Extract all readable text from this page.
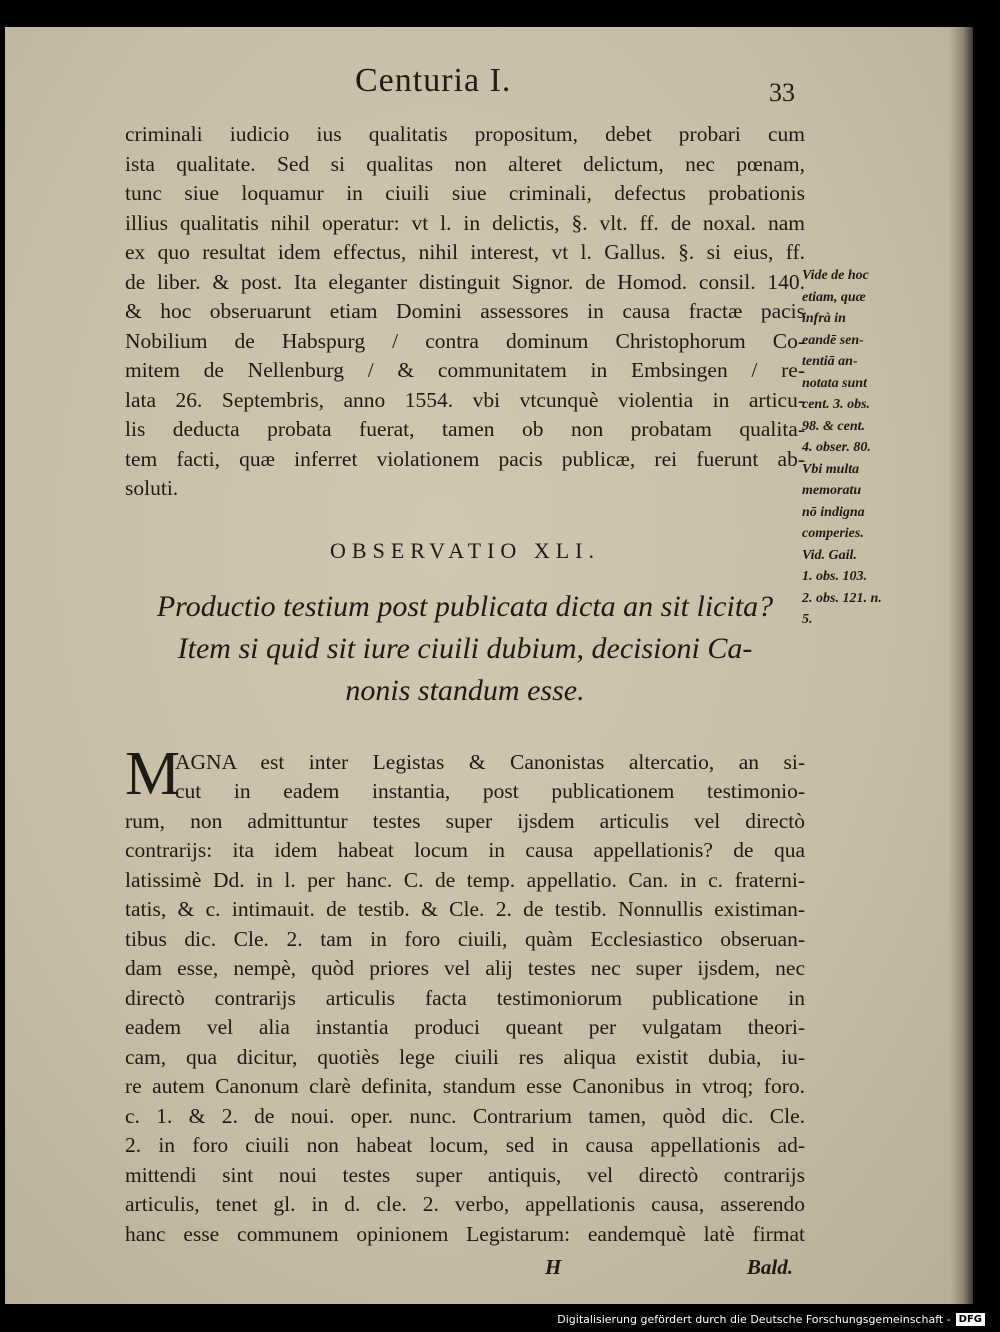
Centuria I.	33
criminali iudicio ius qualitatis propositum, debet probari cum
ista qualitate. Sed si qualitas non alteret delictum, nec pœnam,
tunc siue loquamur in ciuili siue criminali, defectus probationis
illius qualitatis nihil operatur: vt l. in delictis, §. vlt. ff. de noxal. nam
ex quo resultat idem effectus, nihil interest, vt l. Gallus. §. si eius, ff.
de liber. & post. Ita eleganter distinguit Signor. de Homod. consil. 140.
& hoc obseruarunt etiam Domini assessores in causa fractæ pacis
Nobilium de Habspurg / contra dominum Christophorum Co-
mitem de Nellenburg / & communitatem in Embsingen / re-
lata 26. Septembris, anno 1554. vbi vtcunquè violentia in articu-
lis deducta probata fuerat, tamen ob non probatam qualita-
tem facti, quæ inferret violationem pacis publicæ, rei fuerunt ab-
soluti.
OBSERVATIO XLI.
Productio testium post publicata dicta an sit licita?
Item si quid sit iure ciuili dubium, decisioni Ca-
nonis standum esse.
M
AGNA est inter Legistas & Canonistas altercatio, an si-
cut in eadem instantia, post publicationem testimonio-
rum, non admittuntur testes super ijsdem articulis vel directò
contrarijs: ita idem habeat locum in causa appellationis? de qua
latissimè Dd. in l. per hanc. C. de temp. appellatio. Can. in c. fraterni-
tatis, & c. intimauit. de testib. & Cle. 2. de testib. Nonnullis existiman-
tibus dic. Cle. 2. tam in foro ciuili, quàm Ecclesiastico obseruan-
dam esse, nempè, quòd priores vel alij testes nec super ijsdem, nec
directò contrarijs articulis facta testimoniorum publicatione in
eadem vel alia instantia produci queant per vulgatam theori-
cam, qua dicitur, quotiès lege ciuili res aliqua existit dubia, iu-
re autem Canonum clarè definita, standum esse Canonibus in vtroq; foro.
c. 1. & 2. de noui. oper. nunc. Contrarium tamen, quòd dic. Cle.
2. in foro ciuili non habeat locum, sed in causa appellationis ad-
mittendi sint noui testes super antiquis, vel directò contrarijs
articulis, tenet gl. in d. cle. 2. verbo, appellationis causa, asserendo
hanc esse communem opinionem Legistarum: eandemquè latè firmat
H	Bald.
Vide de hoc
etiam, quæ
infrà in
eandē sen-
tentiā an-
notata sunt
cent. 3. obs.
98. & cent.
4. obser. 80.
Vbi multa
memoratu
nō indigna
comperies.
Vid. Gail.
1. obs. 103.
2. obs. 121. n.
5.
Digitalisierung gefördert durch die Deutsche Forschungsgemeinschaft - DFG
